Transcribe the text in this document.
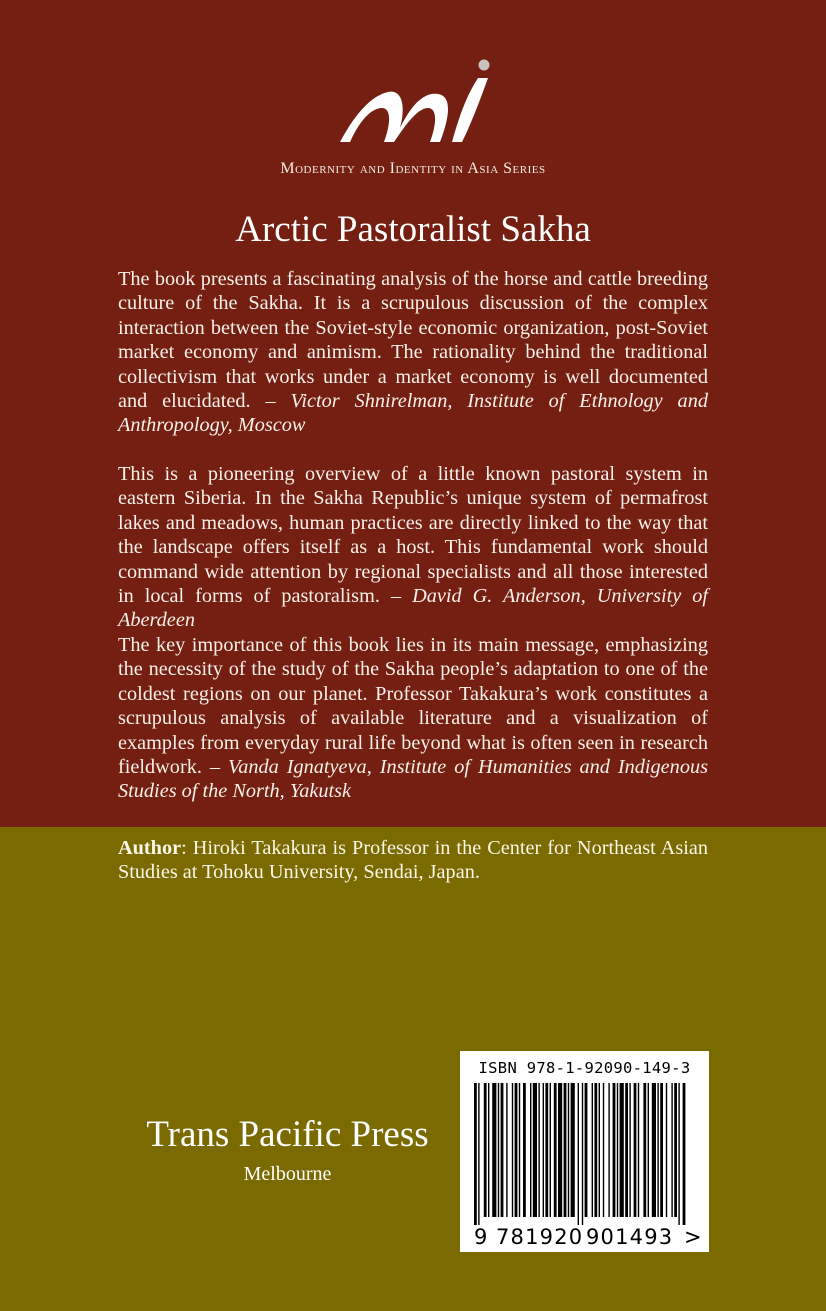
Modernity and Identity in Asia Series
Arctic Pastoralist Sakha

The book presents a fascinating analysis of the horse and cattle breeding culture of the Sakha. It is a scrupulous discussion of the complex interaction between the Soviet-style economic organization, post-Soviet market economy and animism. The rationality behind the traditional collectivism that works under a market economy is well documented and elucidated. – Victor Shnirelman, Institute of Ethnology and Anthropology, Moscow

This is a pioneering overview of a little known pastoral system in eastern Siberia. In the Sakha Republic’s unique system of permafrost lakes and meadows, human practices are directly linked to the way that the landscape offers itself as a host. This fundamental work should command wide attention by regional specialists and all those interested in local forms of pastoralism. – David G. Anderson, University of Aberdeen

The key importance of this book lies in its main message, emphasizing the necessity of the study of the Sakha people’s adaptation to one of the coldest regions on our planet. Professor Takakura’s work constitutes a scrupulous analysis of available literature and a visualization of examples from everyday rural life beyond what is often seen in research fieldwork. – Vanda Ignatyeva, Institute of Humanities and Indigenous Studies of the North, Yakutsk

Author: Hiroki Takakura is Professor in the Center for Northeast Asian Studies at Tohoku University, Sendai, Japan.
Trans Pacific Press
Melbourne
ISBN 978-1-92090-149-3
9 781920 901493 >
